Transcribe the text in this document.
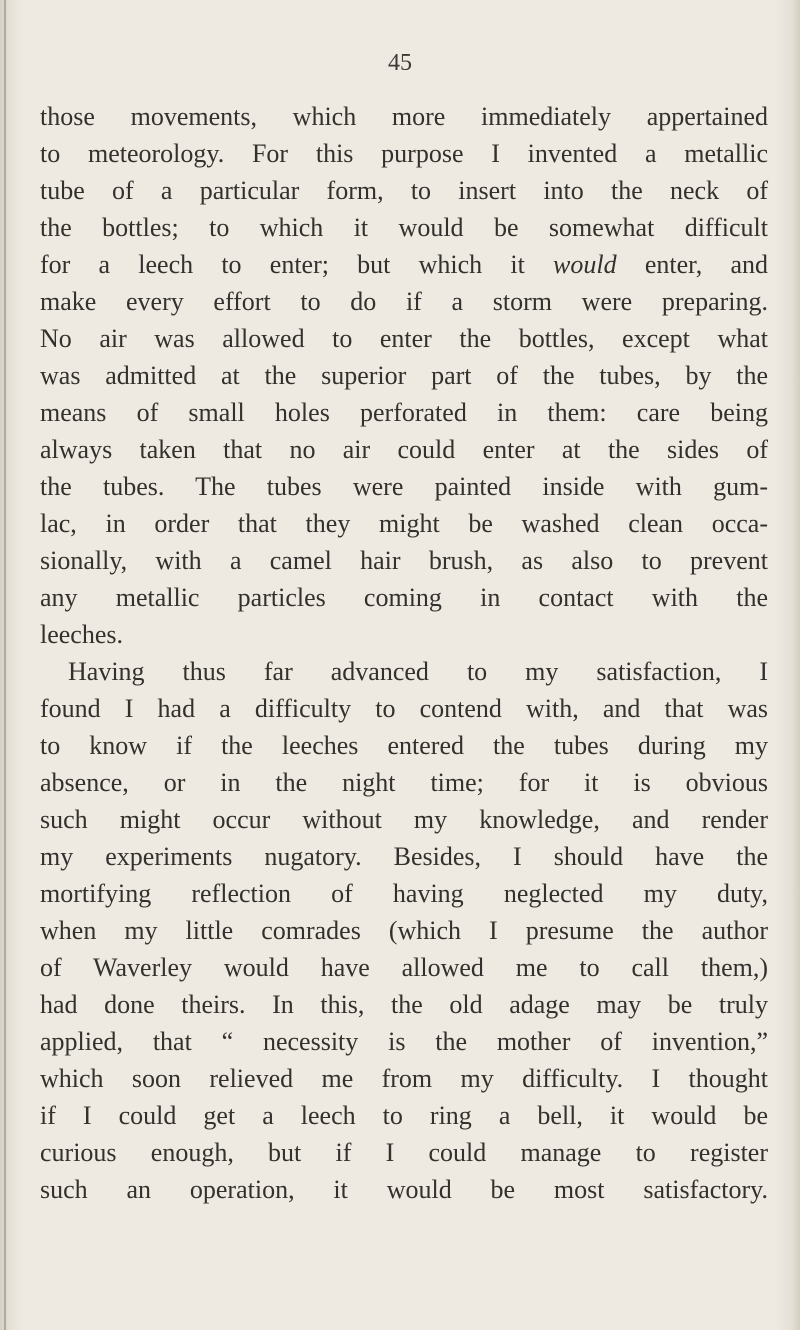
45
those movements, which more immediately appertained
to meteorology. For this purpose I invented a metallic
tube of a particular form, to insert into the neck of
the bottles; to which it would be somewhat difficult
for a leech to enter; but which it would enter, and
make every effort to do if a storm were preparing.
No air was allowed to enter the bottles, except what
was admitted at the superior part of the tubes, by the
means of small holes perforated in them: care being
always taken that no air could enter at the sides of
the tubes. The tubes were painted inside with gum-
lac, in order that they might be washed clean occa-
sionally, with a camel hair brush, as also to prevent
any metallic particles coming in contact with the
leeches.
Having thus far advanced to my satisfaction, I
found I had a difficulty to contend with, and that was
to know if the leeches entered the tubes during my
absence, or in the night time; for it is obvious
such might occur without my knowledge, and render
my experiments nugatory. Besides, I should have the
mortifying reflection of having neglected my duty,
when my little comrades (which I presume the author
of Waverley would have allowed me to call them,)
had done theirs. In this, the old adage may be truly
applied, that “ necessity is the mother of invention,”
which soon relieved me from my difficulty. I thought
if I could get a leech to ring a bell, it would be
curious enough, but if I could manage to register
such an operation, it would be most satisfactory.
